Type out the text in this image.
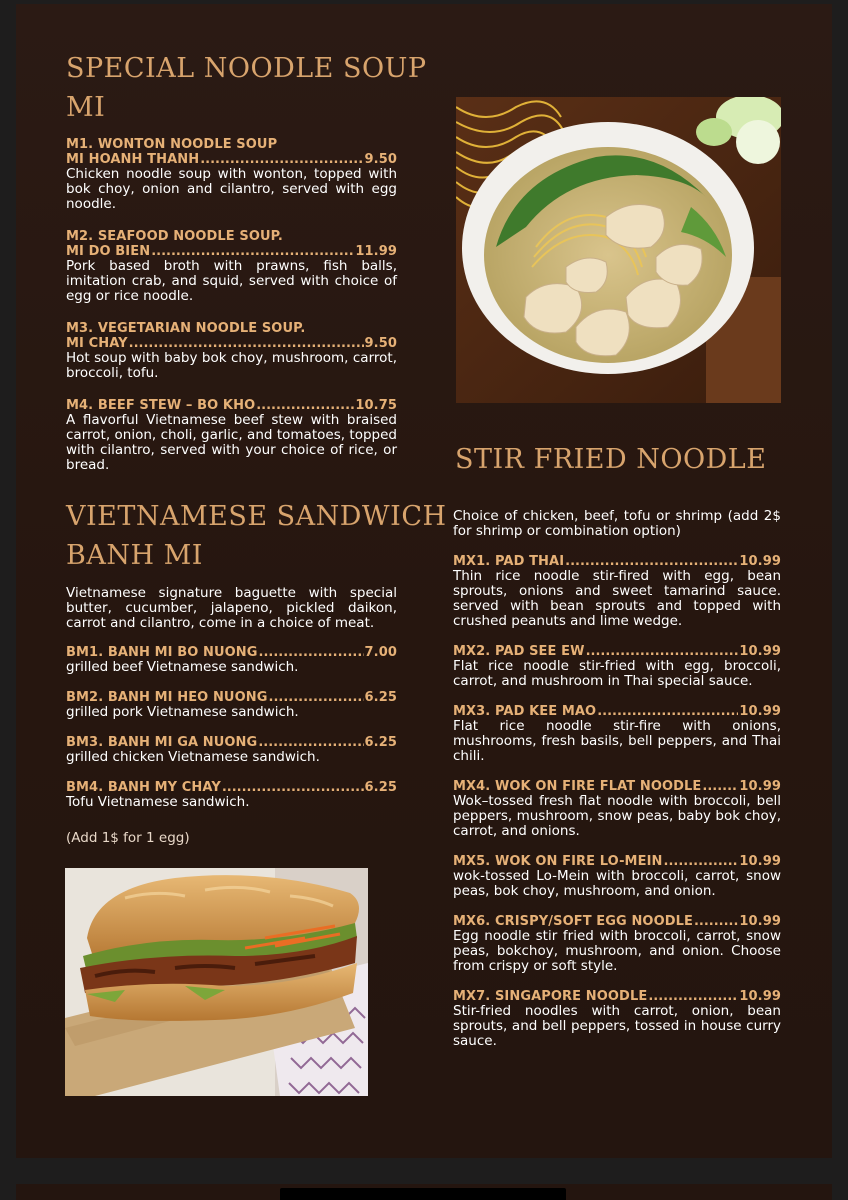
SPECIAL NOODLE SOUP
MI
M1. WONTON NOODLE SOUP
MI HOANH THANH .....	9.50
Chicken noodle soup with wonton, topped with bok choy, onion and cilantro, served with egg noodle.
M2. SEAFOOD NOODLE SOUP.
MI DO BIEN .....	11.99
Pork based broth with prawns, fish balls, imitation crab, and squid, served with choice of egg or rice noodle.
M3. VEGETARIAN NOODLE SOUP.
MI CHAY .....	9.50
Hot soup with baby bok choy, mushroom, carrot, broccoli, tofu.
M4. BEEF STEW – BO KHO .....	10.75
A flavorful Vietnamese beef stew with braised carrot, onion, choli, garlic, and tomatoes, topped with cilantro, served with your choice of rice, or bread.
VIETNAMESE SANDWICH
BANH MI
Vietnamese signature baguette with special butter, cucumber, jalapeno, pickled daikon, carrot and cilantro, come in a choice of meat.
BM1. BANH MI BO NUONG .....	7.00
grilled beef Vietnamese sandwich.
BM2. BANH MI HEO NUONG .....	6.25
grilled pork Vietnamese sandwich.
BM3. BANH MI GA NUONG .....	6.25
grilled chicken Vietnamese sandwich.
BM4. BANH MY CHAY .....	6.25
Tofu Vietnamese sandwich.
(Add 1$ for 1 egg)
STIR FRIED NOODLE
Choice of chicken, beef, tofu or shrimp (add 2$ for shrimp or combination option)
MX1. PAD THAI .....	10.99
Thin rice noodle stir-fired with egg, bean sprouts, onions and sweet tamarind sauce. served with bean sprouts and topped with crushed peanuts and lime wedge.
MX2. PAD SEE EW .....	10.99
Flat rice noodle stir-fried with egg, broccoli, carrot, and mushroom in Thai special sauce.
MX3. PAD KEE MAO .....	10.99
Flat rice noodle stir-fire with onions, mushrooms, fresh basils, bell peppers, and Thai chili.
MX4. WOK ON FIRE FLAT NOODLE .....	10.99
Wok–tossed fresh flat noodle with broccoli, bell peppers, mushroom, snow peas, baby bok choy, carrot, and onions.
MX5. WOK ON FIRE LO-MEIN .....	10.99
wok-tossed Lo-Mein with broccoli, carrot, snow peas, bok choy, mushroom, and onion.
MX6. CRISPY/SOFT EGG NOODLE .....	10.99
Egg noodle stir fried with broccoli, carrot, snow peas, bokchoy, mushroom, and onion. Choose from crispy or soft style.
MX7. SINGAPORE NOODLE .....	10.99
Stir-fried noodles with carrot, onion, bean sprouts, and bell peppers, tossed in house curry sauce.
